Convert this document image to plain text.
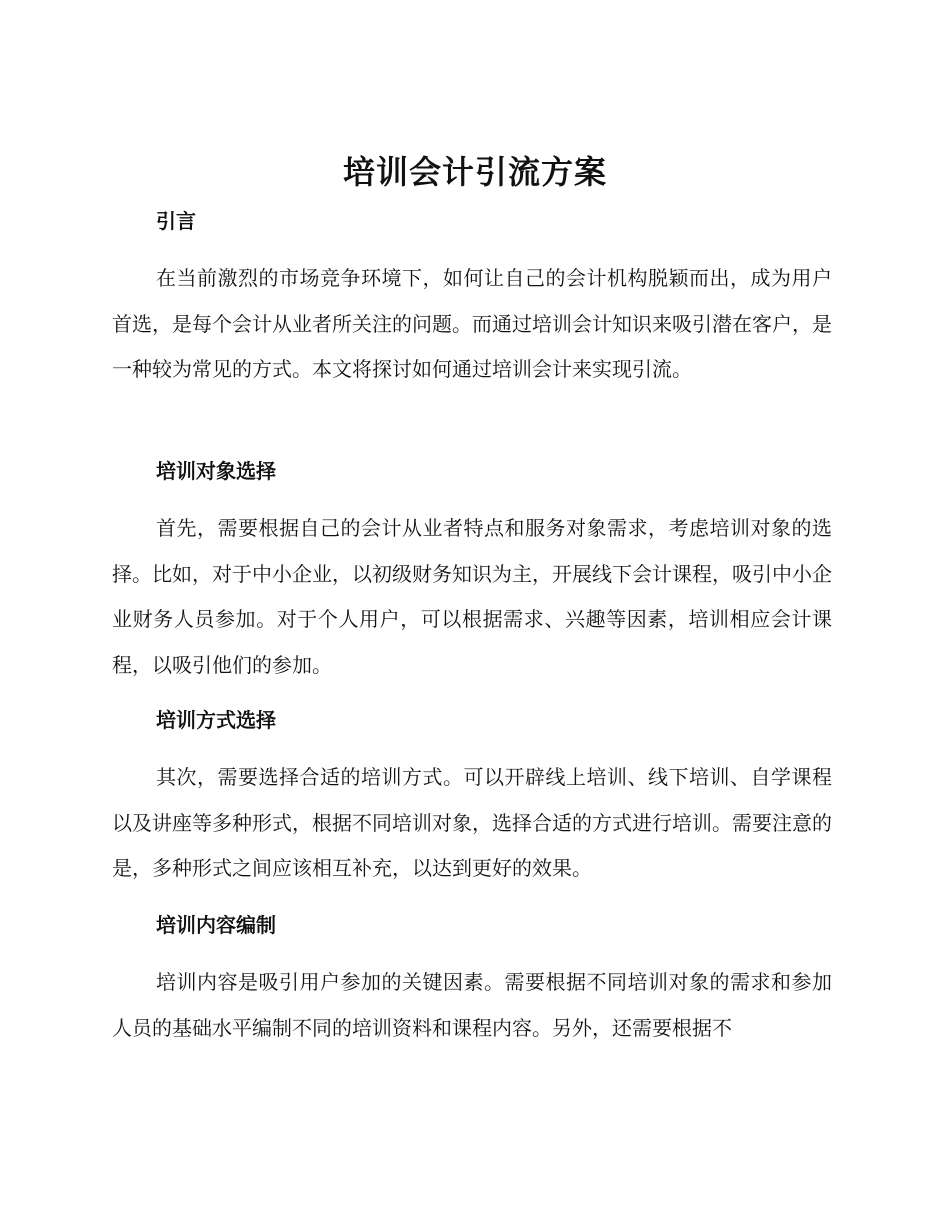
培训会计引流方案
引言

在当前激烈的市场竞争环境下，如何让自己的会计机构脱颖而出，成为用户首选，是每个会计从业者所关注的问题。而通过培训会计知识来吸引潜在客户，是一种较为常见的方式。本文将探讨如何通过培训会计来实现引流。

培训对象选择

首先，需要根据自己的会计从业者特点和服务对象需求，考虑培训对象的选择。比如，对于中小企业，以初级财务知识为主，开展线下会计课程，吸引中小企业财务人员参加。对于个人用户，可以根据需求、兴趣等因素，培训相应会计课程，以吸引他们的参加。

培训方式选择

其次，需要选择合适的培训方式。可以开辟线上培训、线下培训、自学课程以及讲座等多种形式，根据不同培训对象，选择合适的方式进行培训。需要注意的是，多种形式之间应该相互补充，以达到更好的效果。

培训内容编制

培训内容是吸引用户参加的关键因素。需要根据不同培训对象的需求和参加人员的基础水平编制不同的培训资料和课程内容。另外，还需要根据不
